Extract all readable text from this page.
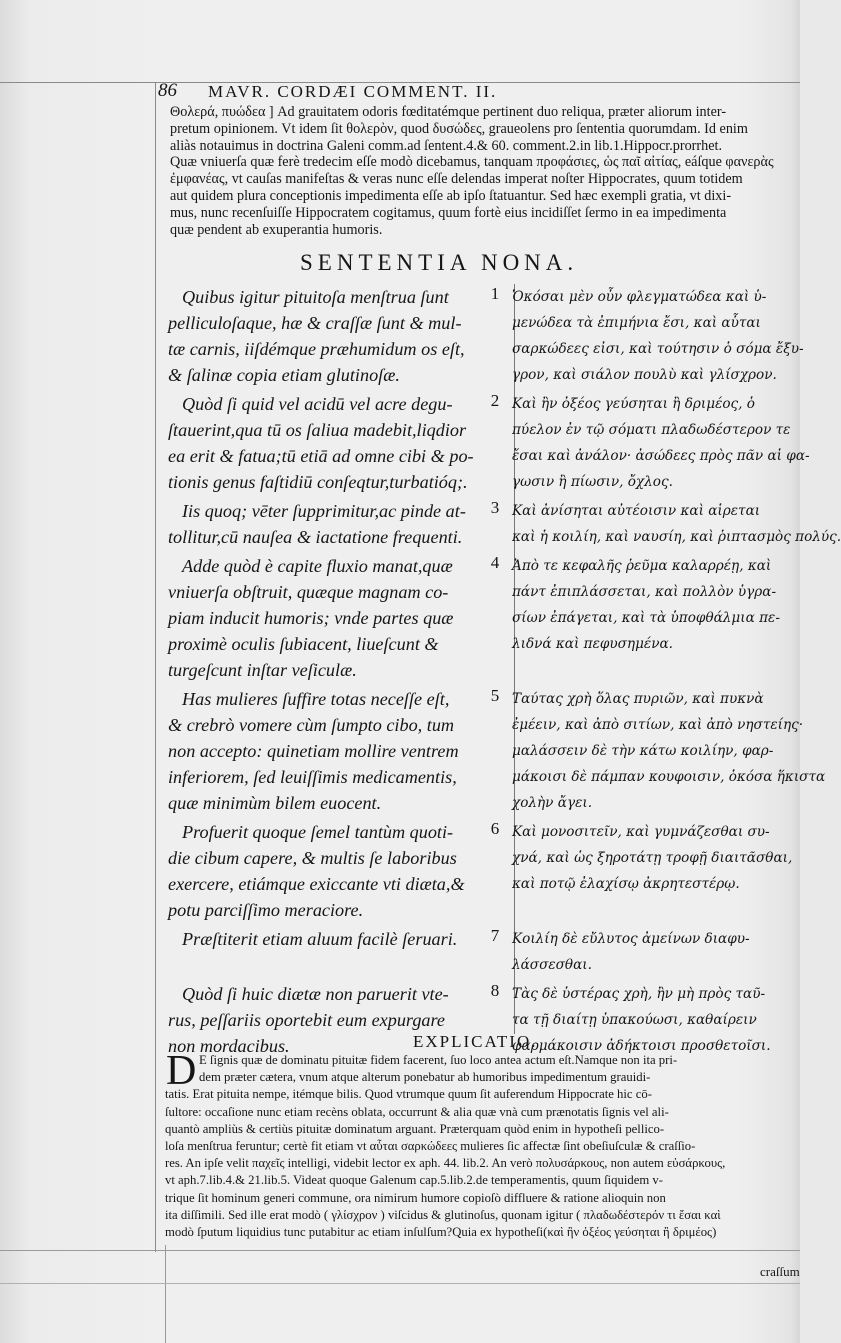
86 MAVR. CORDÆI COMMENT. II.

Θολερά, πυώδεα ] Ad grauitatem odoris fœditatémque pertinent duo reliqua, præter aliorum inter-

pretum opinionem. Vt idem ſit θολερὸν, quod δυσώδες, graueolens pro ſententia quorumdam. Id enim

aliàs notauimus in doctrina Galeni comm.ad ſentent.4.& 60. comment.2.in lib.1.Hippocr.prorrhet.

Quæ vniuerſa quæ ferè tredecim eſſe modò dicebamus, tanquam προφάσιες, ὡς παῖ αἰτίας, eáſque φανερὰς

ἐμφανέας, vt cauſas manifeſtas & veras nunc eſſe delendas imperat noſter Hippocrates, quum totidem

aut quidem plura conceptionis impedimenta eſſe ab ipſo ſtatuantur. Sed hæc exempli gratia, vt dixi-

mus, nunc recenſuiſſe Hippocratem cogitamus, quum fortè eius incidiſſet ſermo in ea impedimenta

quæ pendent ab exuperantia humoris.

SENTENTIA NONA.
Quibus igitur pituitoſa menſtrua ſunt
pelliculoſaque, hæ & craſſæ ſunt & mul-
tæ carnis, iiſdémque præhumidum os eſt,
& ſalinæ copia etiam glutinoſæ.
Quòd ſi quid vel acidū vel acre degu-
ſtauerint,qua tū os ſaliua madebit,liqdior
ea erit & fatua;tū etiā ad omne cibi & po-
tionis genus faſtidiū conſeqtur,turbatióq;.
Iis quoq; vēter ſupprimitur,ac pinde at-
tollitur,cū nauſea & iactatione frequenti.
Adde quòd è capite fluxio manat,quæ
vniuerſa obſtruit, quæque magnam co-
piam inducit humoris; vnde partes quæ
proximè oculis ſubiacent, liueſcunt &
turgeſcunt inſtar veſiculæ.
Has mulieres ſuffire totas neceſſe eſt,
& crebrò vomere cùm ſumpto cibo, tum
non accepto: quinetiam mollire ventrem
inferiorem, ſed leuiſſimis medicamentis,
quæ minimùm bilem euocent.
Profuerit quoque ſemel tantùm quoti-
die cibum capere, & multis ſe laboribus
exercere, etiámque exiccante vti diæta,&
potu parciſſimo meraciore.
Præſtiterit etiam aluum facilè ſeruari.
Quòd ſi huic diætæ non paruerit vte-
rus, peſſariis oportebit eum expurgare
non mordacibus.
1
2
3
4
5
6
7
8
Ὁκόσαι μὲν οὖν φλεγματώδεα καὶ ὑ-
μενώδεα τὰ ἐπιμήνια ἔσι, καὶ αὗται
σαρκώδεες εἰσι, καὶ τούτησιν ὁ σόμα ἔξυ-
γρον, καὶ σιάλον πουλὺ καὶ γλίσχρον.
Καὶ ἢν ὀξέος γεύσηται ἢ δριμέος, ὁ
πύελον ἐν τῷ σόματι πλαδωδέστερον τε
ἔσαι καὶ ἀνάλον· ἀσώδεες πρὸς πᾶν αἱ φα-
γωσιν ἢ πίωσιν, ὄχλος.
Καὶ ἀνίσηται αὐτέοισιν καὶ αἱρεται
καὶ ἡ κοιλίη, καὶ ναυσίη, καὶ ῥιπτασμὸς πολύς.
Ἀπὸ τε κεφαλῆς ῥεῦμα καλαρρέῃ, καὶ
πάντ ἐπιπλάσσεται, καὶ πολλὸν ὑγρα-
σίων ἐπάγεται, καὶ τὰ ὑποφθάλμια πε-
λιδνά καὶ πεφυσημένα.
Ταύτας χρὴ ὅλας πυριῶν, καὶ πυκνὰ
ἐμέειν, καὶ ἀπὸ σιτίων, καὶ ἀπὸ νηστείης·
μαλάσσειν δὲ τὴν κάτω κοιλίην, φαρ-
μάκοισι δὲ πάμπαν κουφοισιν, ὁκόσα ἥκιστα
χολὴν ἄγει.
Καὶ μονοσιτεῖν, καὶ γυμνάζεσθαι συ-
χνά, καὶ ὡς ξηροτάτῃ τροφῇ διαιτᾶσθαι,
καὶ ποτῷ ἐλαχίσῳ ἀκρητεστέρῳ.
Κοιλίη δὲ εὔλυτος ἀμείνων διαφυ-
λάσσεσθαι.
Τὰς δὲ ὑστέρας χρὴ, ἢν μὴ πρὸς ταῦ-
τα τῇ διαίτῃ ὑπακούωσι, καθαίρειν
φαρμάκοισιν ἀδήκτοισι προσθετοῖσι.
EXPLICATIO.
D E ſignis quæ de dominatu pituitæ fidem facerent, ſuo loco antea actum eſt.Namque non ita pri-

dem præter cætera, vnum atque alterum ponebatur ab humoribus impedimentum grauidi-

tatis. Erat pituita nempe, itémque bilis. Quod vtrumque quum ſit auferendum Hippocrate hic cō-

ſultore: occaſione nunc etiam recèns oblata, occurrunt & alia quæ vnà cum prænotatis ſignis vel ali-

quantò ampliùs & certiùs pituitæ dominatum arguant. Præterquam quòd enim in hypotheſi pellico-

loſa menſtrua feruntur; certè fit etiam vt αὗται σαρκώδεες mulieres ſic affectæ ſint obeſiuſculæ & craſſio-

res. An ipſe velit παχεῖς intelligi, videbit lector ex aph. 44. lib.2. An verò πολυσάρκους, non autem εὐσάρκους,

vt aph.7.lib.4.& 21.lib.5. Videat quoque Galenum cap.5.lib.2.de temperamentis, quum ſiquidem v-

trique ſit hominum generi commune, ora nimirum humore copioſò diffluere & ratione alioquin non

ita diſſimili. Sed ille erat modò ( γλίσχρον ) viſcidus & glutinoſus, quonam igitur ( πλαδωδέστερόν τι ἔσαι καὶ

modò ſputum liquidius tunc putabitur ac etiam inſulſum?Quia ex hypotheſi(καὶ ἢν ὀξέος γεύσηται ἢ δριμέος)

craſſum
